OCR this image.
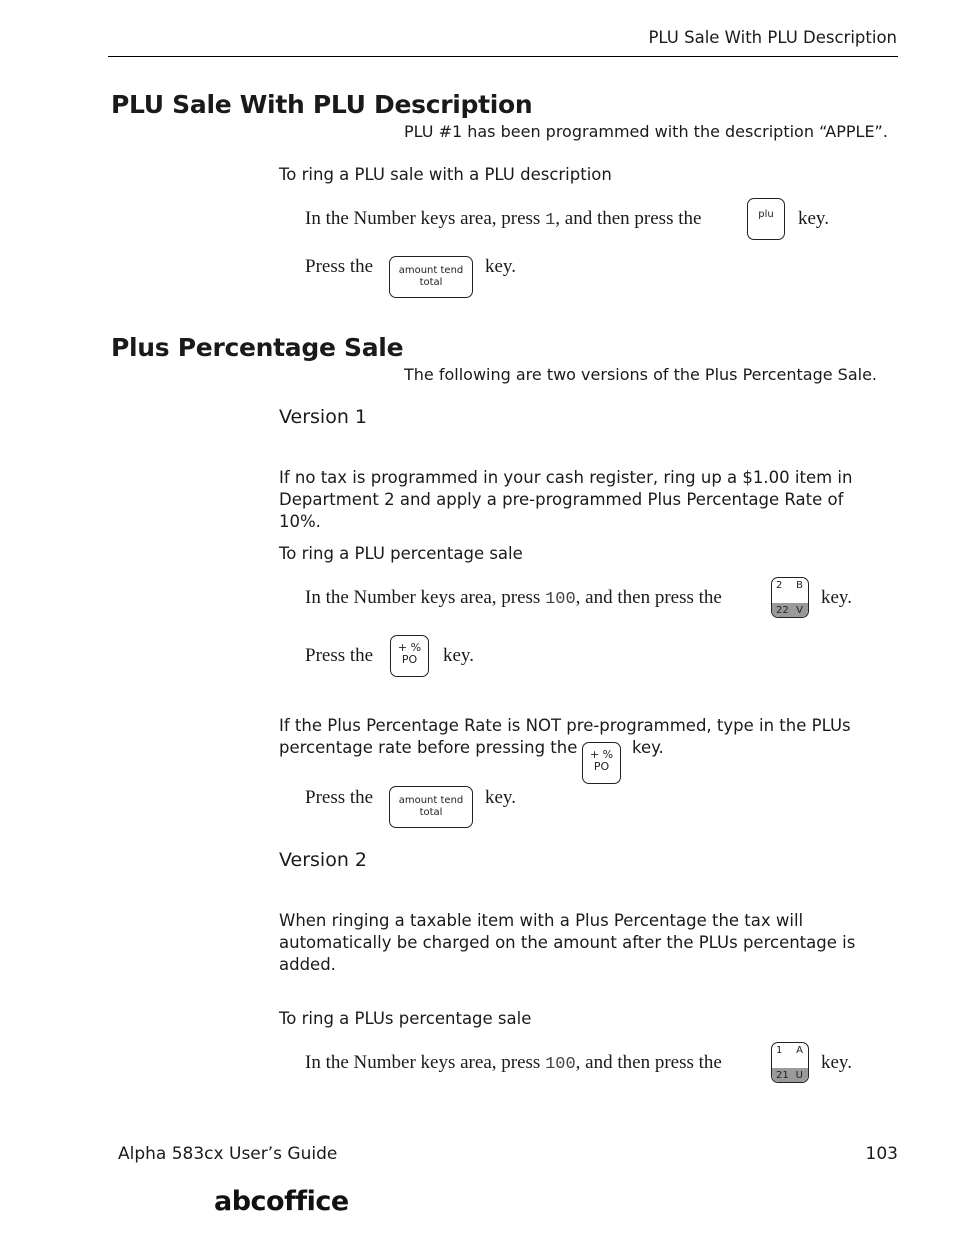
PLU Sale With PLU Description
PLU Sale With PLU Description
PLU #1 has been programmed with the description “APPLE”.
To ring a PLU sale with a PLU description
In the Number keys area, press 1, and then press the	plu	key.
Press the	amount tend
total
key.
Plus Percentage Sale
The following are two versions of the Plus Percentage Sale.
Version 1
If no tax is programmed in your cash register, ring up a $1.00 item in Department 2 and apply a pre-programmed Plus Percentage Rate of 10%.
To ring a PLU percentage sale
In the Number keys area, press 100, and then press the
2 B
22 V
key.
Press the	+ %
PO	key.
If the Plus Percentage Rate is NOT pre-programmed, type in the PLUs
percentage rate before pressing the	+ %
PO
key.
Press the	amount tend
total
key.
Version 2
When ringing a taxable item with a Plus Percentage the tax will automatically be charged on the amount after the PLUs percentage is added.
To ring a PLUs percentage sale
In the Number keys area, press 100, and then press the
1 A
21 U
key.
Alpha 583cx User’s Guide	103
abcoffice
